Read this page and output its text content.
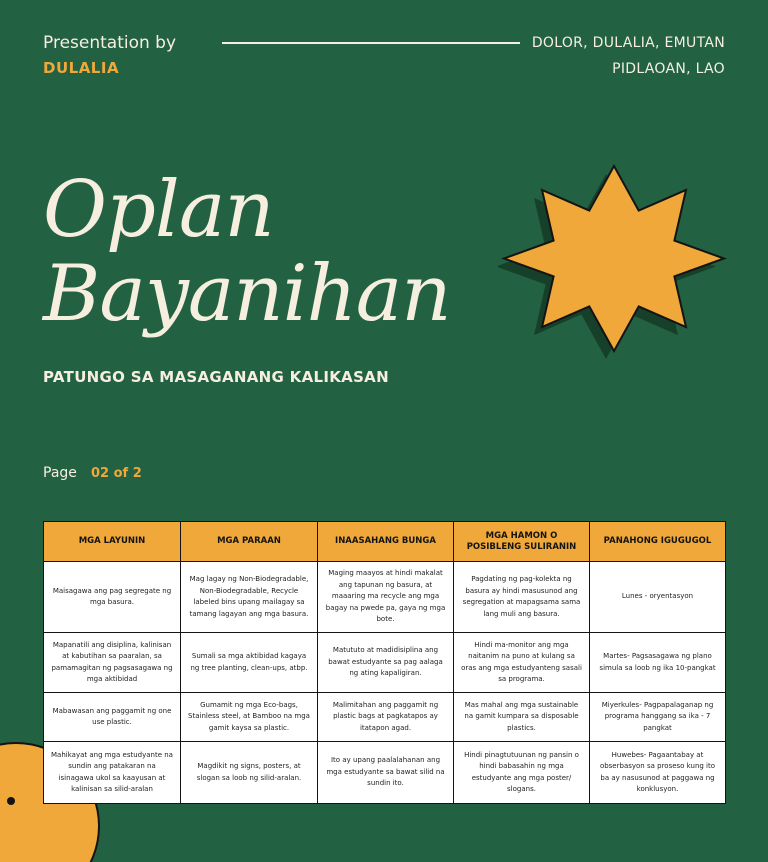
Presentation by
DULALIA
DOLOR, DULALIA, EMUTAN
PIDLAOAN, LAO
Oplan
Bayanihan
PATUNGO SA MASAGANANG KALIKASAN
Page 02 of 2
MGA LAYUNIN	MGA PARAAN	INAASAHANG BUNGA	MGA HAMON O POSIBLENG SULIRANIN	PANAHONG IGUGUGOL
Maisagawa ang pag segregate ng mga basura.	Mag lagay ng Non-Biodegradable, Non-Biodegradable, Recycle labeled bins upang mailagay sa tamang lagayan ang mga basura.	Maging maayos at hindi makalat ang tapunan ng basura, at maaaring ma recycle ang mga bagay na pwede pa, gaya ng mga bote.	Pagdating ng pag-kolekta ng basura ay hindi masusunod ang segregation at mapagsama sama lang muli ang basura.	Lunes - oryentasyon
Mapanatili ang disiplina, kalinisan at kabutihan sa paaralan, sa pamamagitan ng pagsasagawa ng mga aktibidad	Sumali sa mga aktibidad kagaya ng tree planting, clean-ups, atbp.	Matututo at madidisiplina ang bawat estudyante sa pag aalaga ng ating kapaligiran.	Hindi ma-monitor ang mga naitanim na puno at kulang sa oras ang mga estudyanteng sasali sa programa.	Martes- Pagsasagawa ng plano simula sa loob ng ika 10-pangkat
Mabawasan ang paggamit ng one use plastic.	Gumamit ng mga Eco-bags, Stainless steel, at Bamboo na mga gamit kaysa sa plastic.	Malimitahan ang paggamit ng plastic bags at pagkatapos ay itatapon agad.	Mas mahal ang mga sustainable na gamit kumpara sa disposable plastics.	Miyerkules- Pagpapalaganap ng programa hanggang sa ika - 7 pangkat
Mahikayat ang mga estudyante na sundin ang patakaran na isinagawa ukol sa kaayusan at kalinisan sa silid-aralan	Magdikit ng signs, posters, at slogan sa loob ng silid-aralan.	Ito ay upang paalalahanan ang mga estudyante sa bawat silid na sundin ito.	Hindi pinagtutuunan ng pansin o hindi babasahin ng mga estudyante ang mga poster/ slogans.	Huwebes- Pagaantabay at obserbasyon sa proseso kung ito ba ay nasusunod at paggawa ng konklusyon.
